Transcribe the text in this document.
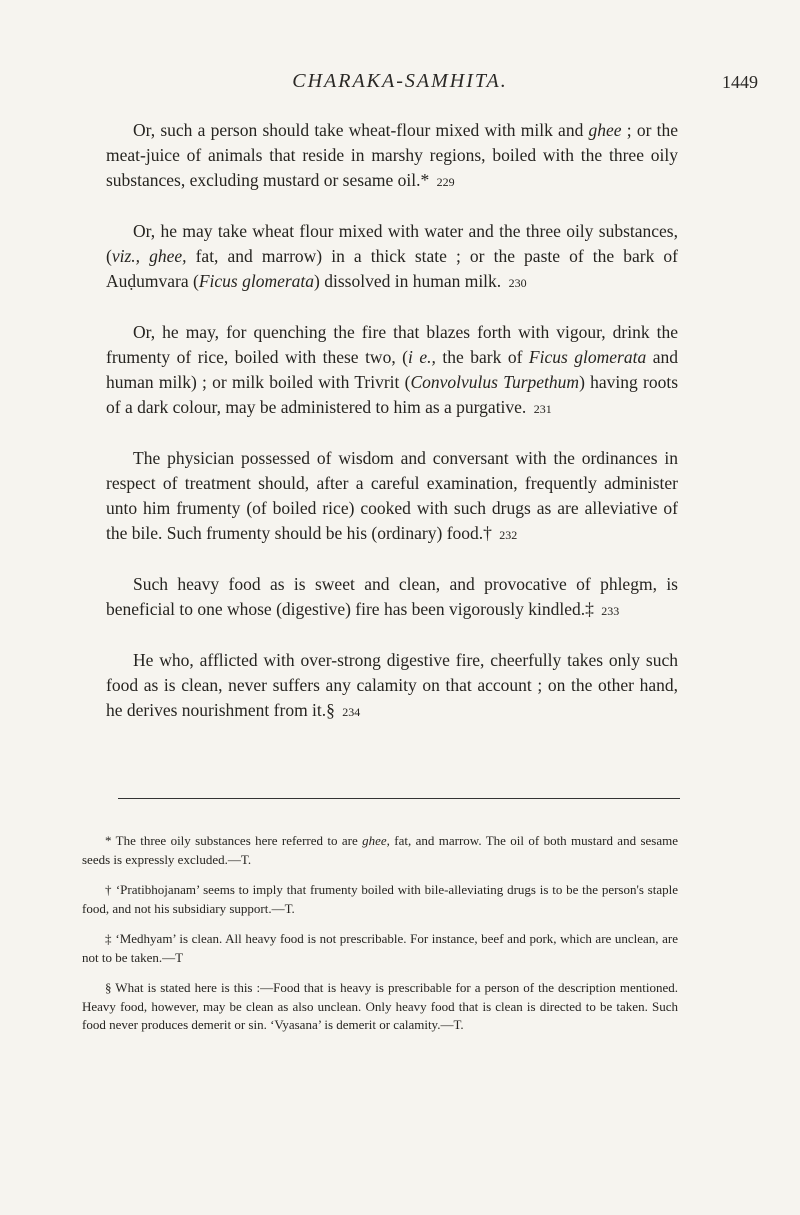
CHARAKA-SAMHITA.	1449

Or, such a person should take wheat-flour mixed with milk and ghee ; or the meat-juice of animals that reside in marshy regions, boiled with the three oily substances, excluding mustard or sesame oil.* 229

Or, he may take wheat flour mixed with water and the three oily substances, (viz., ghee, fat, and marrow) in a thick state ; or the paste of the bark of Auḍumvara (Ficus glomerata) dissolved in human milk. 230

Or, he may, for quenching the fire that blazes forth with vigour, drink the frumenty of rice, boiled with these two, (i e., the bark of Ficus glomerata and human milk) ; or milk boiled with Trivrit (Convolvulus Turpethum) having roots of a dark colour, may be administered to him as a purgative. 231

The physician possessed of wisdom and conversant with the ordinances in respect of treatment should, after a careful examination, frequently administer unto him frumenty (of boiled rice) cooked with such drugs as are alleviative of the bile. Such frumenty should be his (ordinary) food.† 232

Such heavy food as is sweet and clean, and provocative of phlegm, is beneficial to one whose (digestive) fire has been vigorously kindled.‡ 233

He who, afflicted with over-strong digestive fire, cheerfully takes only such food as is clean, never suffers any calamity on that account ; on the other hand, he derives nourishment from it.§ 234

* The three oily substances here referred to are ghee, fat, and marrow. The oil of both mustard and sesame seeds is expressly excluded.—T.

† ‘Pratibhojanam’ seems to imply that frumenty boiled with bile-alleviating drugs is to be the person's staple food, and not his subsidiary support.—T.

‡ ‘Medhyam’ is clean. All heavy food is not prescribable. For instance, beef and pork, which are unclean, are not to be taken.—T

§ What is stated here is this :—Food that is heavy is prescribable for a person of the description mentioned. Heavy food, however, may be clean as also unclean. Only heavy food that is clean is directed to be taken. Such food never produces demerit or sin. ‘Vyasana’ is demerit or calamity.—T.
